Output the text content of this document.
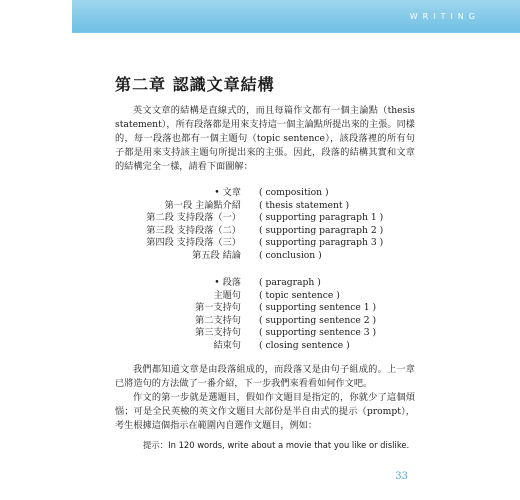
WRITING
第二章 認識文章結構

英文文章的結構是直線式的，而且每篇作文都有一個主論點（thesis statement），所有段落都是用來支持這一個主論點所提出來的主張。同樣的，每一段落也都有一個主題句（topic sentence），該段落裡的所有句子都是用來支持該主題句所提出來的主張。因此，段落的結構其實和文章的結構完全一樣，請看下面圖解：

• 文章	( composition )
第一段 主論點介紹	( thesis statement )
第二段 支持段落（一）	( supporting paragraph 1 )
第三段 支持段落（二）	( supporting paragraph 2 )
第四段 支持段落（三）	( supporting paragraph 3 )
第五段 結論	( conclusion )
• 段落	( paragraph )
主題句	( topic sentence )
第一支持句	( supporting sentence 1 )
第二支持句	( supporting sentence 2 )
第三支持句	( supporting sentence 3 )
結束句	( closing sentence )

我們都知道文章是由段落組成的，而段落又是由句子組成的。上一章已將造句的方法做了一番介紹，下一步我們來看看如何作文吧。

作文的第一步就是選題目，假如作文題目是指定的，你就少了這個煩惱；可是全民英檢的英文作文題目大部份是半自由式的提示（prompt），考生根據這個指示在範圍內自選作文題目，例如：

提示：In 120 words, write about a movie that you like or dislike.
33
